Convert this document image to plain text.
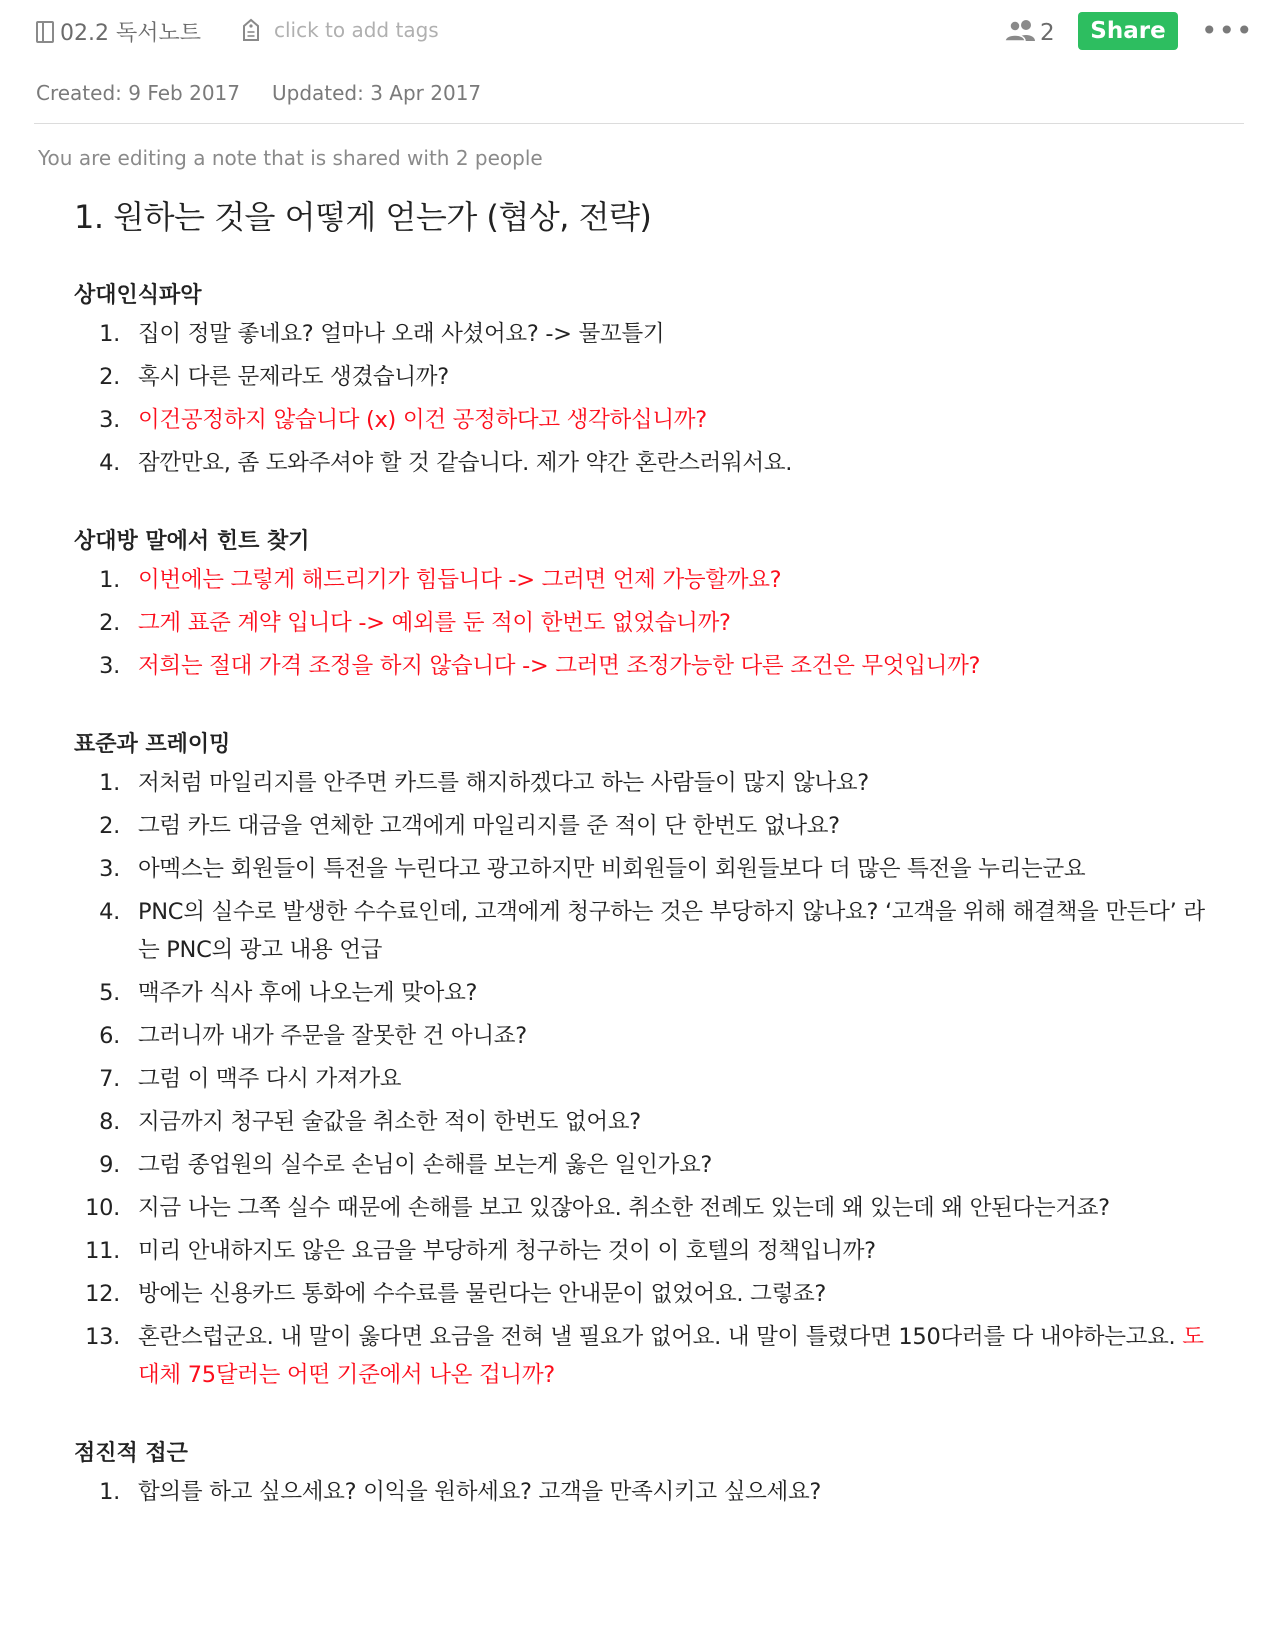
02.2 독서노트
click to add tags	2	Share	•••
Created: 9 Feb 2017 Updated: 3 Apr 2017
You are editing a note that is shared with 2 people
1. 원하는 것을 어떻게 얻는가 (협상, 전략)
상대인식파악
1. 집이 정말 좋네요? 얼마나 오래 사셨어요? -> 물꼬틀기
2. 혹시 다른 문제라도 생겼습니까?
3. 이건공정하지 않습니다 (x) 이건 공정하다고 생각하십니까?
4. 잠깐만요, 좀 도와주셔야 할 것 같습니다. 제가 약간 혼란스러워서요.
상대방 말에서 힌트 찾기
1. 이번에는 그렇게 해드리기가 힘듭니다 -> 그러면 언제 가능할까요?
2. 그게 표준 계약 입니다 -> 예외를 둔 적이 한번도 없었습니까?
3. 저희는 절대 가격 조정을 하지 않습니다 -> 그러면 조정가능한 다른 조건은 무엇입니까?
표준과 프레이밍
1. 저처럼 마일리지를 안주면 카드를 해지하겠다고 하는 사람들이 많지 않나요?
2. 그럼 카드 대금을 연체한 고객에게 마일리지를 준 적이 단 한번도 없나요?
3. 아멕스는 회원들이 특전을 누린다고 광고하지만 비회원들이 회원들보다 더 많은 특전을 누리는군요
4. PNC의 실수로 발생한 수수료인데, 고객에게 청구하는 것은 부당하지 않나요? ‘고객을 위해 해결책을 만든다’ 라는 PNC의 광고 내용 언급
5. 맥주가 식사 후에 나오는게 맞아요?
6. 그러니까 내가 주문을 잘못한 건 아니죠?
7. 그럼 이 맥주 다시 가져가요
8. 지금까지 청구된 술값을 취소한 적이 한번도 없어요?
9. 그럼 종업원의 실수로 손님이 손해를 보는게 옳은 일인가요?
10. 지금 나는 그쪽 실수 때문에 손해를 보고 있잖아요. 취소한 전례도 있는데 왜 있는데 왜 안된다는거죠?
11. 미리 안내하지도 않은 요금을 부당하게 청구하는 것이 이 호텔의 정책입니까?
12. 방에는 신용카드 통화에 수수료를 물린다는 안내문이 없었어요. 그렇죠?
13. 혼란스럽군요. 내 말이 옳다면 요금을 전혀 낼 필요가 없어요. 내 말이 틀렸다면 150다러를 다 내야하는고요. 도대체 75달러는 어떤 기준에서 나온 겁니까?
점진적 접근
1. 합의를 하고 싶으세요? 이익을 원하세요? 고객을 만족시키고 싶으세요?
